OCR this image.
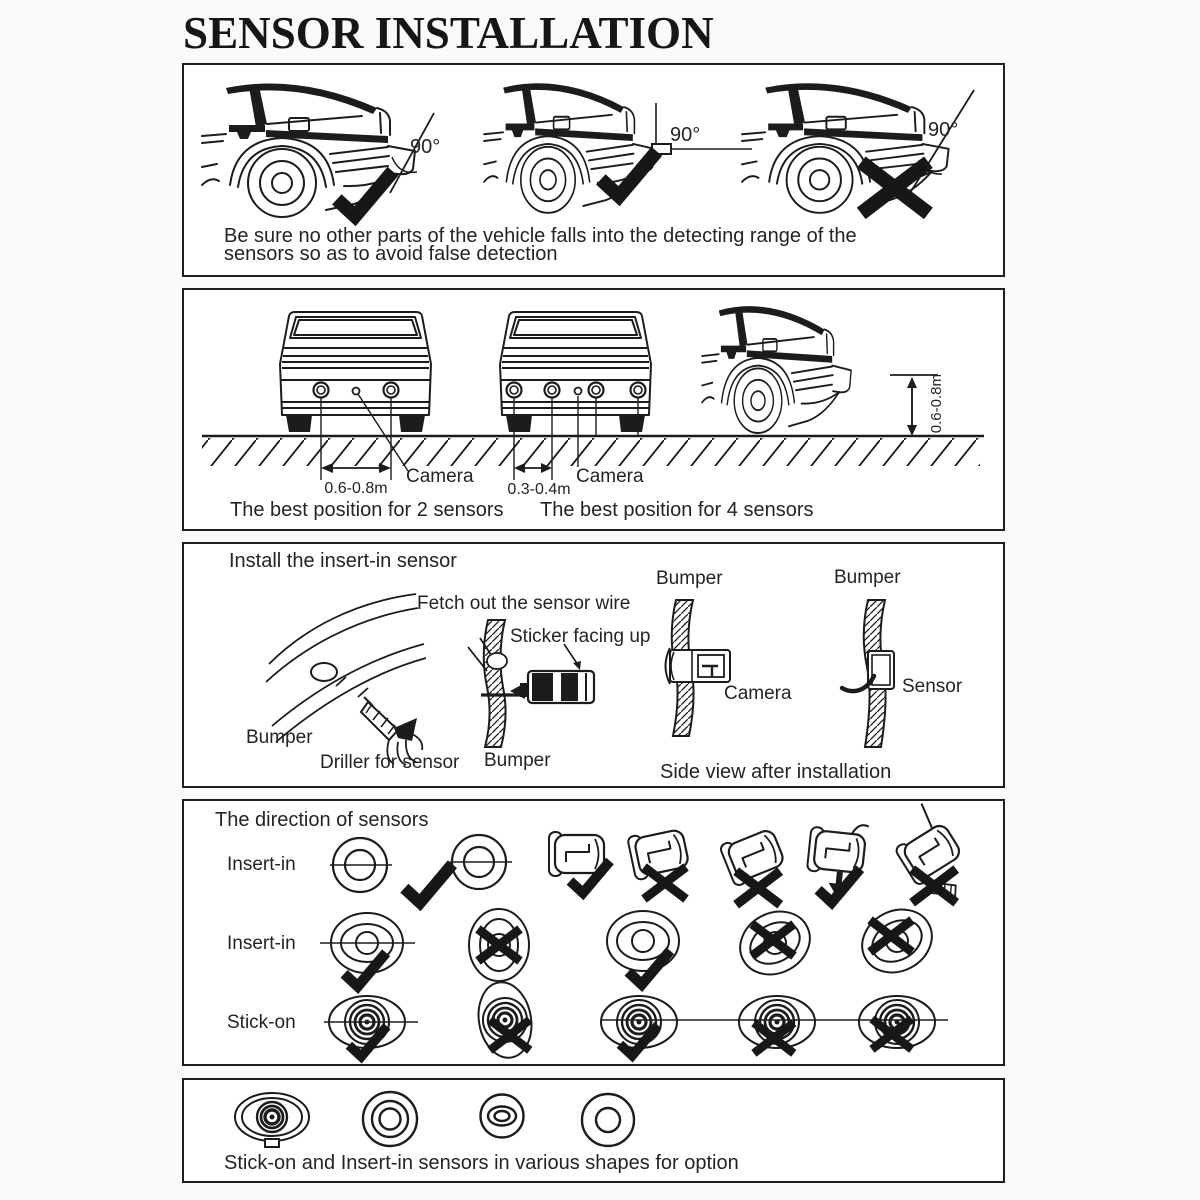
SENSOR INSTALLATION
90°
90°	90°
Be sure no other parts of the vehicle falls into the detecting range of the
sensors so as to avoid false detection
0.6-0.8m
Camera
0.3-0.4m
Camera
0.6-0.8m
The best position for 2 sensors The best position for 4 sensors
Install the insert-in sensor
Fetch out the sensor wire
Sticker facing up
Bumper
Driller for sensor Bumper
Bumper
Camera
Bumper
Sensor
Side view after installation
The direction of sensors
Insert-in
Insert-in
Stick-on
Stick-on and Insert-in sensors in various shapes for option
